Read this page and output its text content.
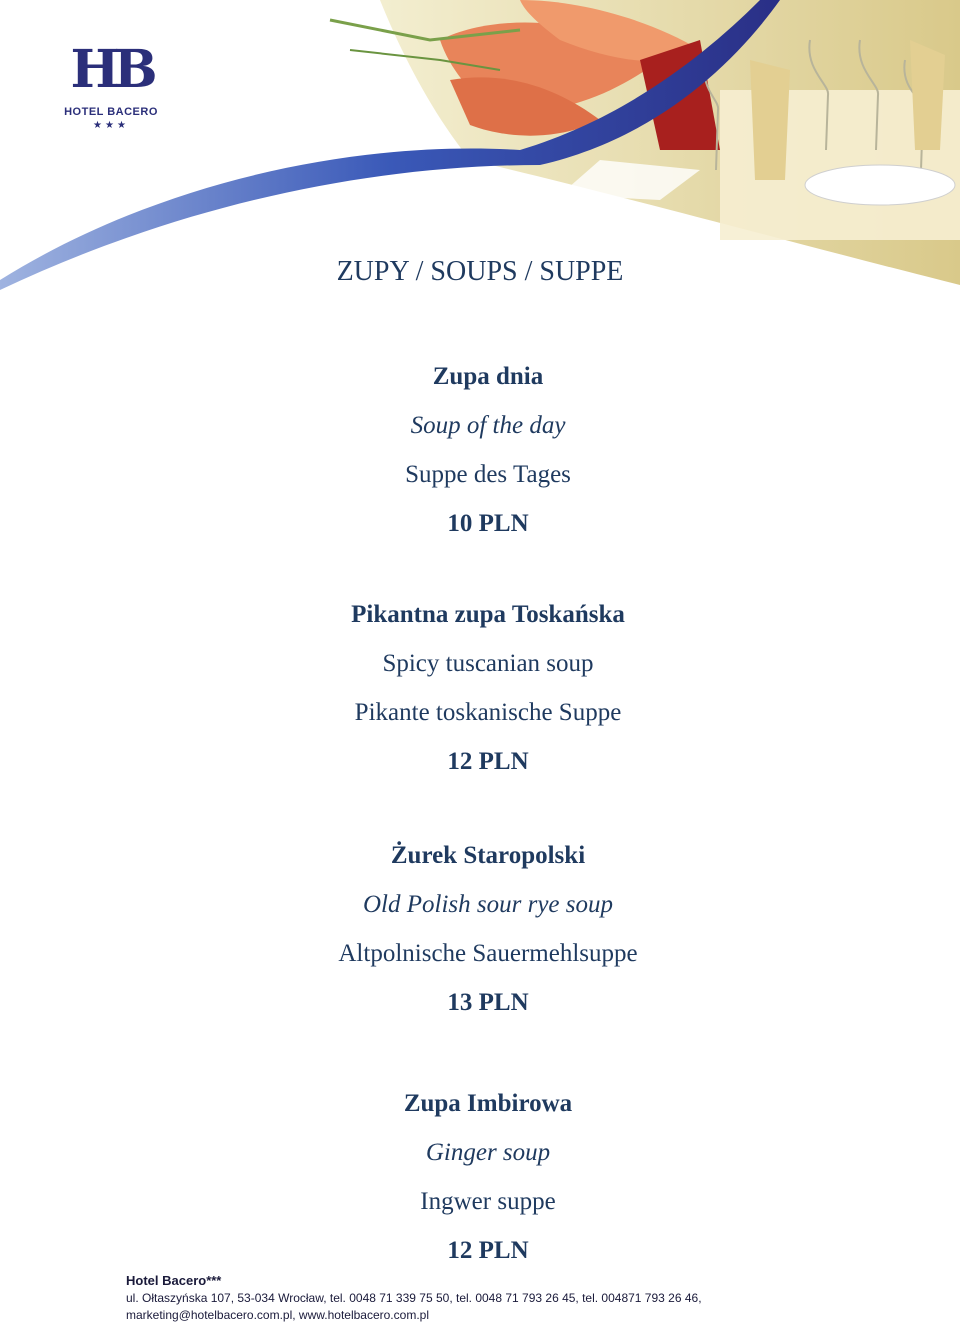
HB
HOTEL BACERO
★★★
ZUPY / SOUPS / SUPPE
Zupa dnia
Soup of the day
Suppe des Tages
10 PLN
Pikantna zupa Toskańska
Spicy tuscanian soup
Pikante toskanische Suppe
12 PLN
Żurek Staropolski
Old Polish sour rye soup
Altpolnische Sauermehlsuppe
13 PLN
Zupa Imbirowa
Ginger soup
Ingwer suppe
12 PLN
Hotel Bacero***
ul. Ołtaszyńska 107, 53-034 Wrocław, tel. 0048 71 339 75 50, tel. 0048 71 793 26 45, tel. 004871 793 26 46,
marketing@hotelbacero.com.pl, www.hotelbacero.com.pl
